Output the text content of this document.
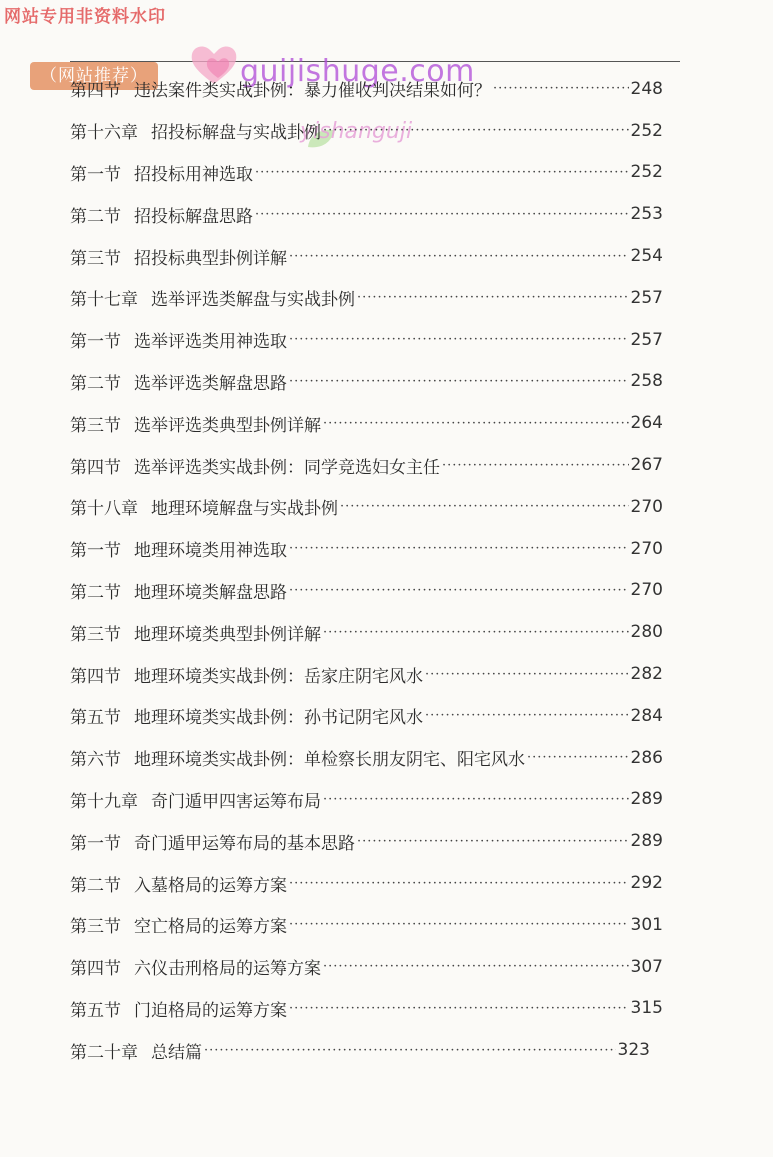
网站专用非资料水印
（网站推荐）	guijishuge.com
yishanguji
第四节 违法案件类实战卦例：暴力催收判决结果如何？ ·····	248
第十六章 招投标解盘与实战卦例 ·····	252
第一节 招投标用神选取 ·····	252
第二节 招投标解盘思路 ·····	253
第三节 招投标典型卦例详解 ·····	254
第十七章 选举评选类解盘与实战卦例 ·····	257
第一节 选举评选类用神选取 ·····	257
第二节 选举评选类解盘思路 ·····	258
第三节 选举评选类典型卦例详解 ·····	264
第四节 选举评选类实战卦例：同学竞选妇女主任 ·····	267
第十八章 地理环境解盘与实战卦例 ·····	270
第一节 地理环境类用神选取 ·····	270
第二节 地理环境类解盘思路 ·····	270
第三节 地理环境类典型卦例详解 ·····	280
第四节 地理环境类实战卦例：岳家庄阴宅风水 ·····	282
第五节 地理环境类实战卦例：孙书记阴宅风水 ·····	284
第六节 地理环境类实战卦例：单检察长朋友阴宅、阳宅风水 ·····	286
第十九章 奇门遁甲四害运筹布局 ·····	289
第一节 奇门遁甲运筹布局的基本思路 ·····	289
第二节 入墓格局的运筹方案 ·····	292
第三节 空亡格局的运筹方案 ·····	301
第四节 六仪击刑格局的运筹方案 ·····	307
第五节 门迫格局的运筹方案 ·····	315
第二十章 总结篇 ·····	323
